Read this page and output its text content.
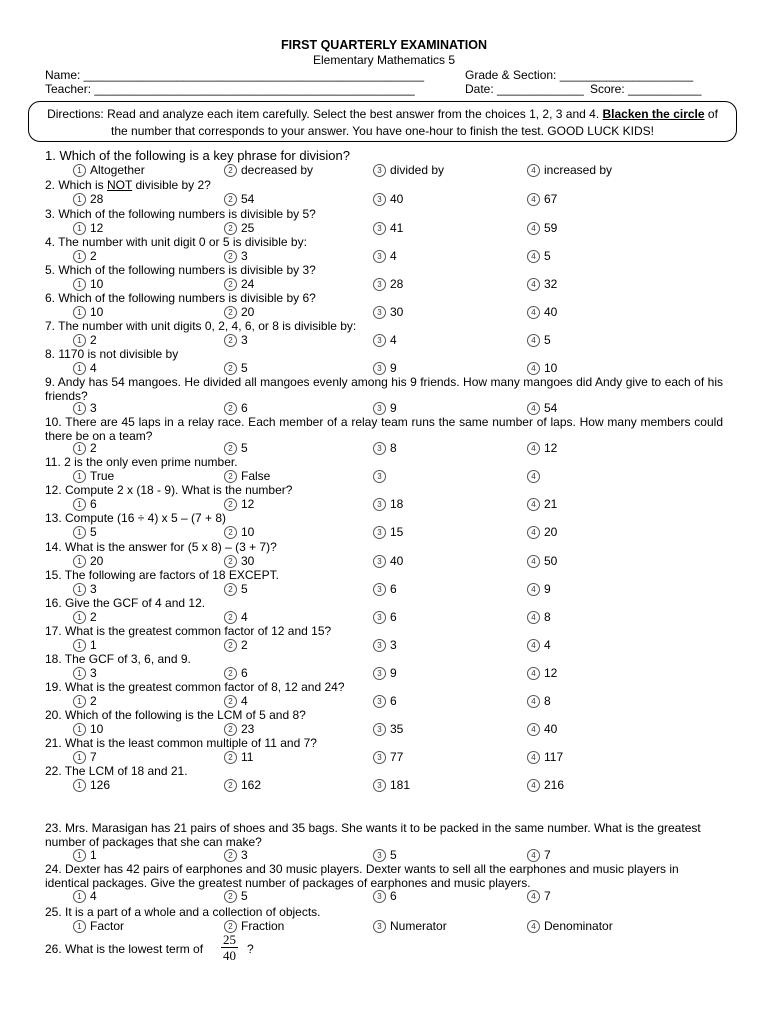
FIRST QUARTERLY EXAMINATION
Elementary Mathematics 5
Name: ___________________________________________________
Teacher: ________________________________________________
Grade & Section: ____________________
Date: _____________ Score: ___________
Directions: Read and analyze each item carefully. Select the best answer from the choices 1, 2, 3 and 4. Blacken the circle of the number that corresponds to your answer. You have one-hour to finish the test. GOOD LUCK KIDS!
1. Which of the following is a key phrase for division?
2. Which is NOT divisible by 2?
3. Which of the following numbers is divisible by 5?
4. The number with unit digit 0 or 5 is divisible by:
5. Which of the following numbers is divisible by 3?
6. Which of the following numbers is divisible by 6?
7. The number with unit digits 0, 2, 4, 6, or 8 is divisible by:
8. 1170 is not divisible by
9. Andy has 54 mangoes. He divided all mangoes evenly among his 9 friends. How many mangoes did Andy give to each of his friends?
10. There are 45 laps in a relay race. Each member of a relay team runs the same number of laps. How many members could there be on a team?
11. 2 is the only even prime number.
12. Compute 2 x (18 - 9). What is the number?
13. Compute (16 ÷ 4) x 5 – (7 + 8)
14. What is the answer for (5 x 8) – (3 + 7)?
15. The following are factors of 18 EXCEPT.
16. Give the GCF of 4 and 12.
17. What is the greatest common factor of 12 and 15?
18. The GCF of 3, 6, and 9.
19. What is the greatest common factor of 8, 12 and 24?
20. Which of the following is the LCM of 5 and 8?
21. What is the least common multiple of 11 and 7?
22. The LCM of 18 and 21.
23. Mrs. Marasigan has 21 pairs of shoes and 35 bags. She wants it to be packed in the same number. What is the greatest number of packages that she can make?
24. Dexter has 42 pairs of earphones and 30 music players. Dexter wants to sell all the earphones and music players in identical packages. Give the greatest number of packages of earphones and music players.
25. It is a part of a whole and a collection of objects.
26. What is the lowest term of	$\frac{25}{40}$ ?
1 Altogether	2 decreased by	3 divided by	4 increased by
1 28	2 54	3 40	4 67
1 12	2 25	3 41	4 59
1 2	2 3	3 4	4 5
1 10	2 24	3 28	4 32
1 10	2 20	3 30	4 40
1 2	2 3	3 4	4 5
1 4	2 5	3 9	4 10
1 3	2 6	3 9	4 54
1 2	2 5	3 8	4 12
1 True	2 False	3	4
1 6	2 12	3 18	4 21
1 5	2 10	3 15	4 20
1 20	2 30	3 40	4 50
1 3	2 5	3 6	4 9
1 2	2 4	3 6	4 8
1 1	2 2	3 3	4 4
1 3	2 6	3 9	4 12
1 2	2 4	3 6	4 8
1 10	2 23	3 35	4 40
1 7	2 11	3 77	4 117
1 126	2 162	3 181	4 216
1 1	2 3	3 5	4 7
1 4	2 5	3 6	4 7
1 Factor	2 Fraction	3 Numerator	4 Denominator
